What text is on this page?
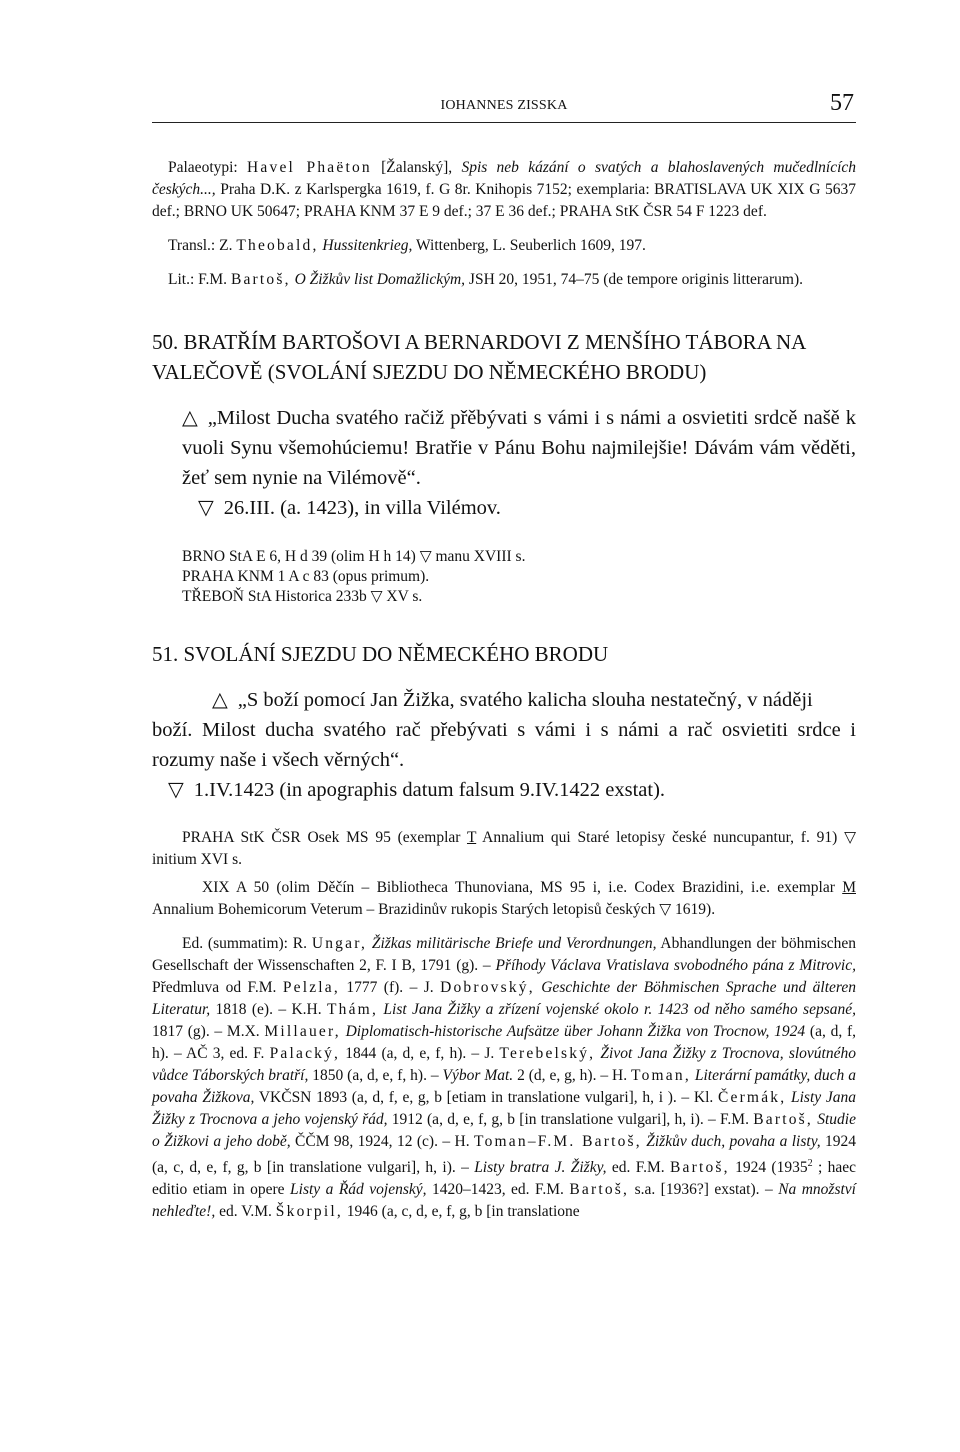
IOHANNES ZISSKA	57

Palaeotypi: Havel Phaëton [Žalanský], Spis neb kázání o svatých a blahoslavených mučedlnících českých..., Praha D.K. z Karlspergka 1619, f. G 8r. Knihopis 7152; exemplaria: BRATISLAVA UK XIX G 5637 def.; BRNO UK 50647; PRAHA KNM 37 E 9 def.; 37 E 36 def.; PRAHA StK ČSR 54 F 1223 def.

Transl.: Z. Theobald, Hussitenkrieg, Wittenberg, L. Seuberlich 1609, 197.

Lit.: F.M. Bartoš, O Žižkův list Domažlickým, JSH 20, 1951, 74–75 (de tempore originis litterarum).

50. BRATŘÍM BARTOŠOVI A BERNARDOVI Z MENŠÍHO TÁBORA NA VALEČOVĚ (SVOLÁNÍ SJEZDU DO NĚMECKÉHO BRODU)

△ „Milost Ducha svatého račiž přěbývati s vámi i s námi a osvietiti srdcě našě k vuoli Synu všemohúciemu! Bratřie v Pánu Bohu najmilejšie! Dávám vám věděti, žeť sem nynie na Vilémově“.

▽ 26.III. (a. 1423), in villa Vilémov.

BRNO StA E 6, H d 39 (olim H h 14) ▽ manu XVIII s.

PRAHA KNM 1 A c 83 (opus primum).

TŘEBOŇ StA Historica 233b ▽ XV s.

51. SVOLÁNÍ SJEZDU DO NĚMECKÉHO BRODU

△ „S boží pomocí Jan Žižka, svatého kalicha slouha nestatečný, v náději
boží. Milost ducha svatého rač přebývati s vámi i s námi a rač osvietiti srdce i rozumy naše i všech věrných“.

▽ 1.IV.1423 (in apographis datum falsum 9.IV.1422 exstat).

PRAHA StK ČSR Osek MS 95 (exemplar T Annalium qui Staré letopisy české nuncupantur, f. 91) ▽ initium XVI s.

XIX A 50 (olim Děčín – Bibliotheca Thunoviana, MS 95 i, i.e. Codex Brazidini, i.e. exemplar M Annalium Bohemicorum Veterum – Brazidinův rukopis Starých letopisů českých ▽ 1619).

Ed. (summatim): R. Ungar, Žižkas militärische Briefe und Verordnungen, Abhandlungen der böhmischen Gesellschaft der Wissenschaften 2, F. I B, 1791 (g). – Příhody Václava Vratislava svobodného pána z Mitrovic, Předmluva od F.M. Pelzla, 1777 (f). – J. Dobrovský, Geschichte der Böhmischen Sprache und älteren Literatur, 1818 (e). – K.H. Thám, List Jana Žižky a zřízení vojenské okolo r. 1423 od něho samého sepsané, 1817 (g). – M.X. Millauer, Diplomatisch-historische Aufsätze über Johann Žižka von Trocnow, 1924 (a, d, f, h). – AČ 3, ed. F. Palacký, 1844 (a, d, e, f, h). – J. Terebelský, Život Jana Žižky z Trocnova, slovútného vůdce Táborských bratří, 1850 (a, d, e, f, h). – Výbor Mat. 2 (d, e, g, h). – H. Toman, Literární památky, duch a povaha Žižkova, VKČSN 1893 (a, d, f, e, g, b [etiam in translatione vulgari], h, i ). – Kl. Čermák, Listy Jana Žižky z Trocnova a jeho vojenský řád, 1912 (a, d, e, f, g, b [in translatione vulgari], h, i). – F.M. Bartoš, Studie o Žižkovi a jeho době, ČČM 98, 1924, 12 (c). – H. Toman–F.M. Bartoš, Žižkův duch, povaha a listy, 1924 (a, c, d, e, f, g, b [in translatione vulgari], h, i). – Listy bratra J. Žižky, ed. F.M. Bartoš, 1924 (1935$^2$ ; haec editio etiam in opere Listy a Řád vojenský, 1420–1423, ed. F.M. Bartoš, s.a. [1936?] exstat). – Na množství nehleďte!, ed. V.M. Škorpil, 1946 (a, c, d, e, f, g, b [in translatione
